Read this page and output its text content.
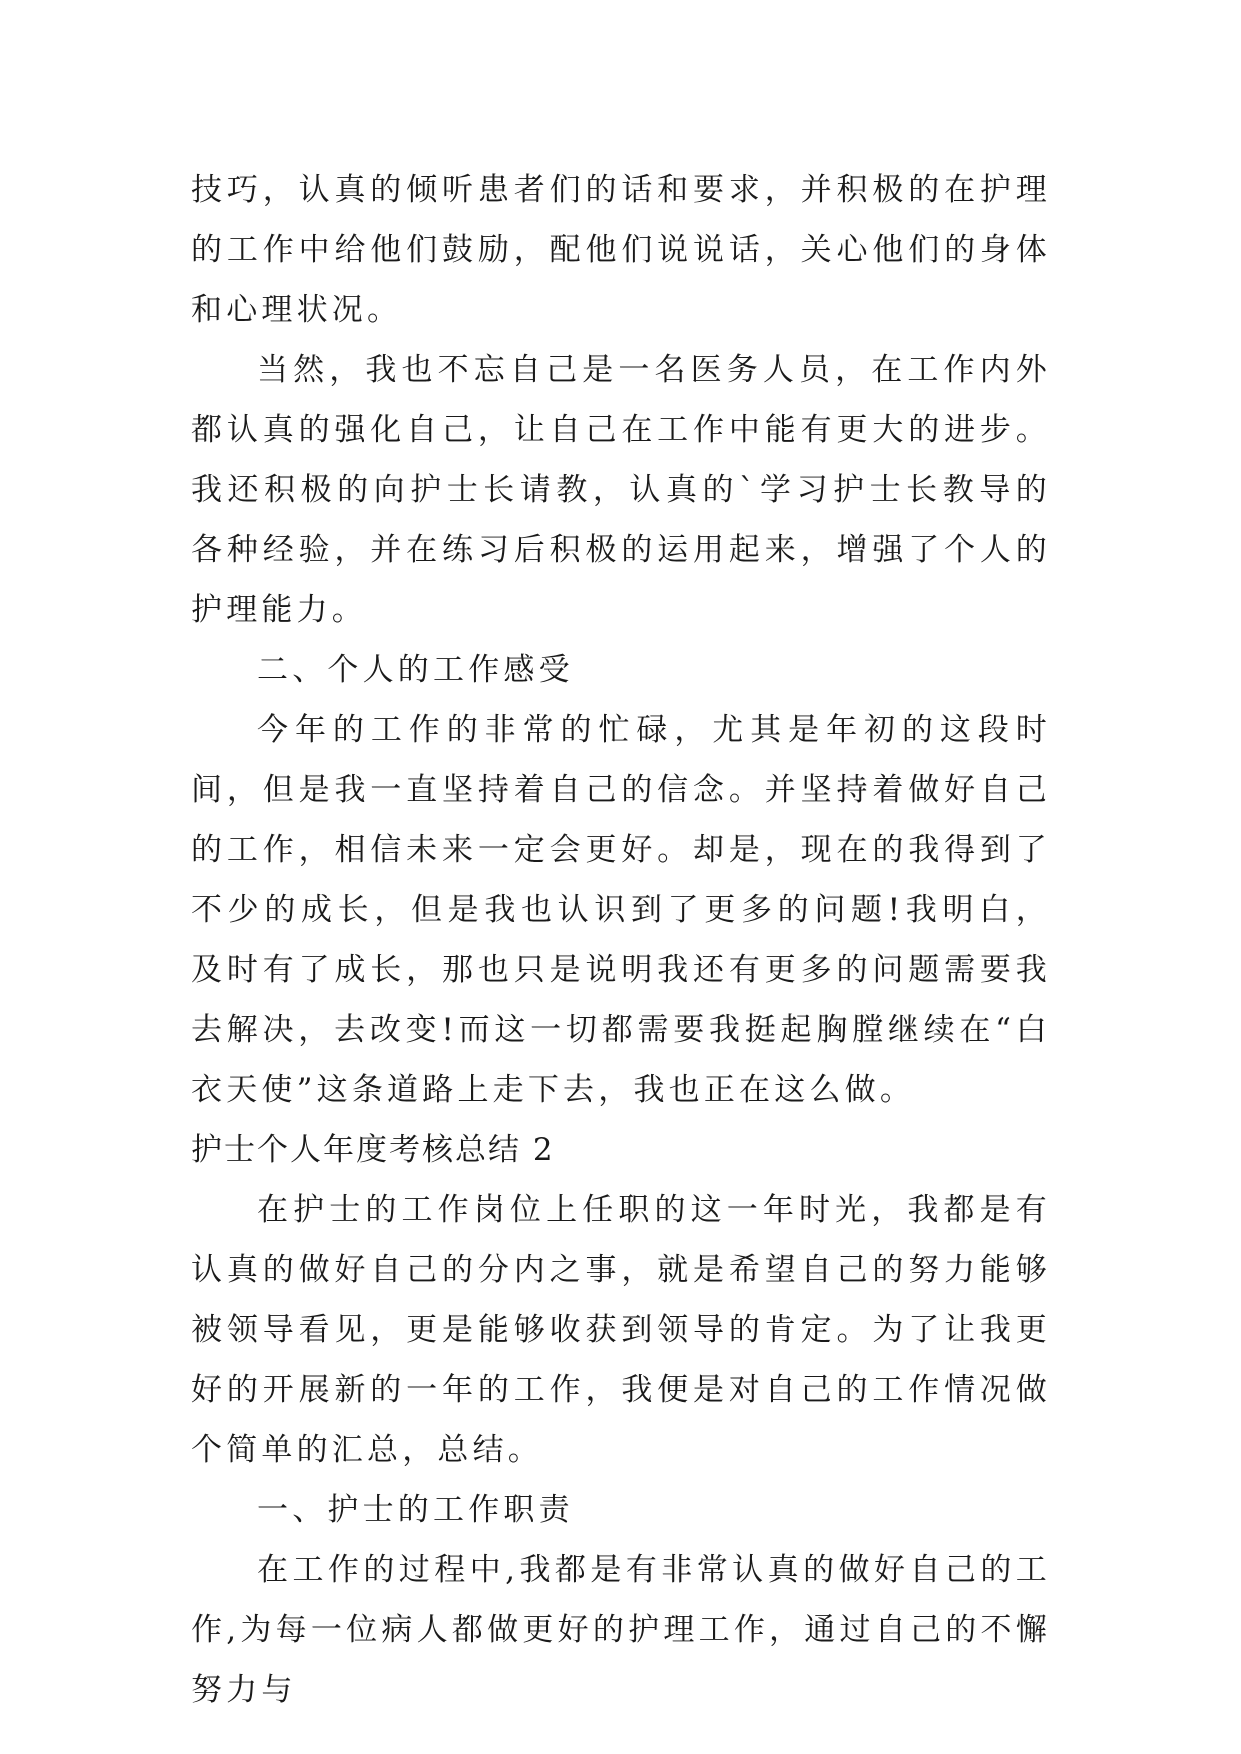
技巧，认真的倾听患者们的话和要求，并积极的在护理的工作中给他们鼓励，配他们说说话，关心他们的身体和心理状况。

当然，我也不忘自己是一名医务人员，在工作内外都认真的强化自己，让自己在工作中能有更大的进步。我还积极的向护士长请教，认真的`学习护士长教导的各种经验，并在练习后积极的运用起来，增强了个人的护理能力。

二、个人的工作感受

今年的工作的非常的忙碌，尤其是年初的这段时间，但是我一直坚持着自己的信念。并坚持着做好自己的工作，相信未来一定会更好。却是，现在的我得到了不少的成长，但是我也认识到了更多的问题!我明白，及时有了成长，那也只是说明我还有更多的问题需要我去解决，去改变!而这一切都需要我挺起胸膛继续在“白衣天使”这条道路上走下去，我也正在这么做。

护士个人年度考核总结 2

在护士的工作岗位上任职的这一年时光，我都是有认真的做好自己的分内之事，就是希望自己的努力能够被领导看见，更是能够收获到领导的肯定。为了让我更好的开展新的一年的工作，我便是对自己的工作情况做个简单的汇总，总结。

一、护士的工作职责

在工作的过程中,我都是有非常认真的做好自己的工作,为每一位病人都做更好的护理工作，通过自己的不懈努力与
